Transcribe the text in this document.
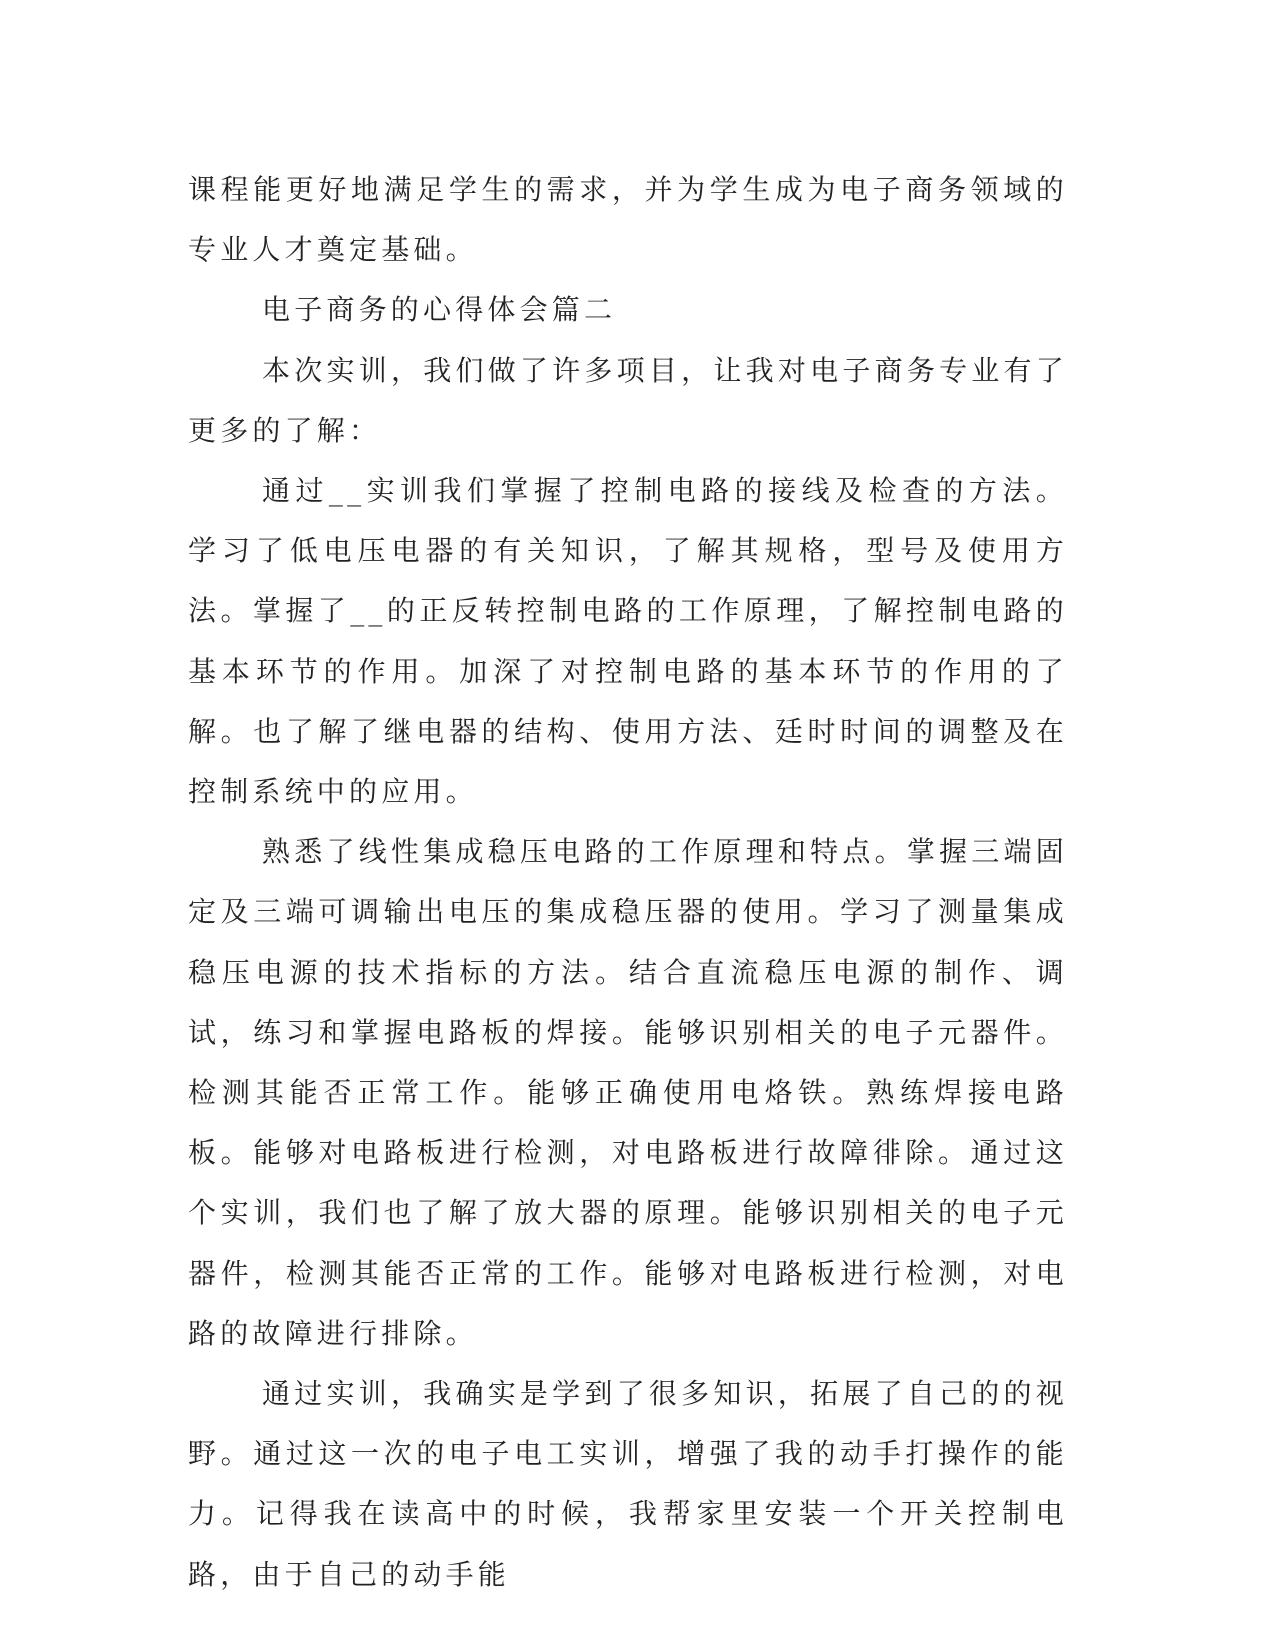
课程能更好地满足学生的需求，并为学生成为电子商务领域的专业人才奠定基础。

电子商务的心得体会篇二

本次实训，我们做了许多项目，让我对电子商务专业有了更多的了解：

通过__实训我们掌握了控制电路的接线及检查的方法。学习了低电压电器的有关知识，了解其规格，型号及使用方法。掌握了__的正反转控制电路的工作原理，了解控制电路的基本环节的作用。加深了对控制电路的基本环节的作用的了解。也了解了继电器的结构、使用方法、廷时时间的调整及在控制系统中的应用。

熟悉了线性集成稳压电路的工作原理和特点。掌握三端固定及三端可调输出电压的集成稳压器的使用。学习了测量集成稳压电源的技术指标的方法。结合直流稳压电源的制作、调试，练习和掌握电路板的焊接。能够识别相关的电子元器件。检测其能否正常工作。能够正确使用电烙铁。熟练焊接电路板。能够对电路板进行检测，对电路板进行故障徘除。通过这个实训，我们也了解了放大器的原理。能够识别相关的电子元器件，检测其能否正常的工作。能够对电路板进行检测，对电路的故障进行排除。

通过实训，我确实是学到了很多知识，拓展了自己的的视野。通过这一次的电子电工实训，增强了我的动手打操作的能力。记得我在读高中的时候，我帮家里安装一个开关控制电路，由于自己的动手能
